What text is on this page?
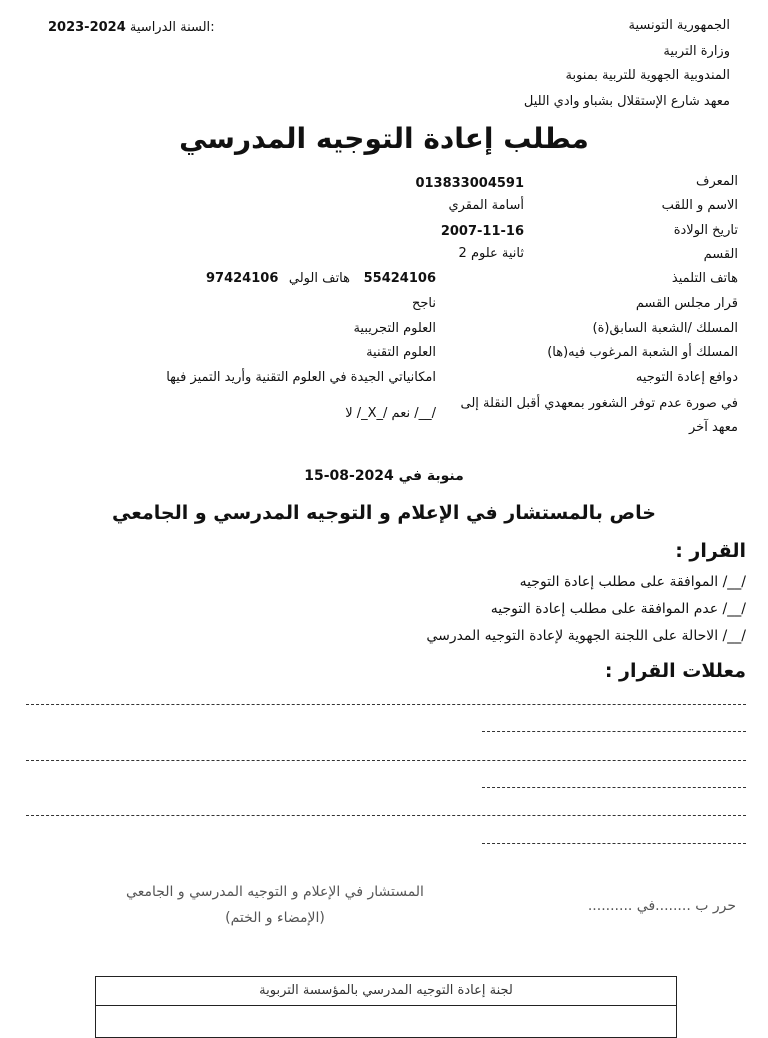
الجمهورية التونسية
وزارة التربية
المندوبية الجهوية للتربية بمنوبة
معهد شارع الإستقلال بشباو وادي الليل
2023-2024 السنة الدراسية:
مطلب إعادة التوجيه المدرسي
المعرف
013833004591
الاسم و اللقب
أسامة المقري
تاريخ الولادة
2007-11-16
القسم
ثانية علوم 2
هاتف التلميذ
55424106
هاتف الولي
97424106
قرار مجلس القسم
ناجح
المسلك /الشعبة السابق(ة)
العلوم التجريبية
المسلك أو الشعبة المرغوب فيه(ها)
العلوم التقنية
دوافع إعادة التوجيه
امكانياتي الجيدة في العلوم التقنية وأريد التميز فيها
في صورة عدم توفر الشغور بمعهدي أقبل النقلة إلى
معهد آخر
/__/ نعم /_X_/ لا
منوبة في 2024-08-15
خاص بالمستشار في الإعلام و التوجيه المدرسي و الجامعي
القرار :
/__/ الموافقة على مطلب إعادة التوجيه
/__/ عدم الموافقة على مطلب إعادة التوجيه
/__/ الاحالة على اللجنة الجهوية لإعادة التوجيه المدرسي
معللات القرار :
حرر ب ........في ..........
المستشار في الإعلام و التوجيه المدرسي و الجامعي
(الإمضاء و الختم)
لجنة إعادة التوجيه المدرسي بالمؤسسة التربوية
